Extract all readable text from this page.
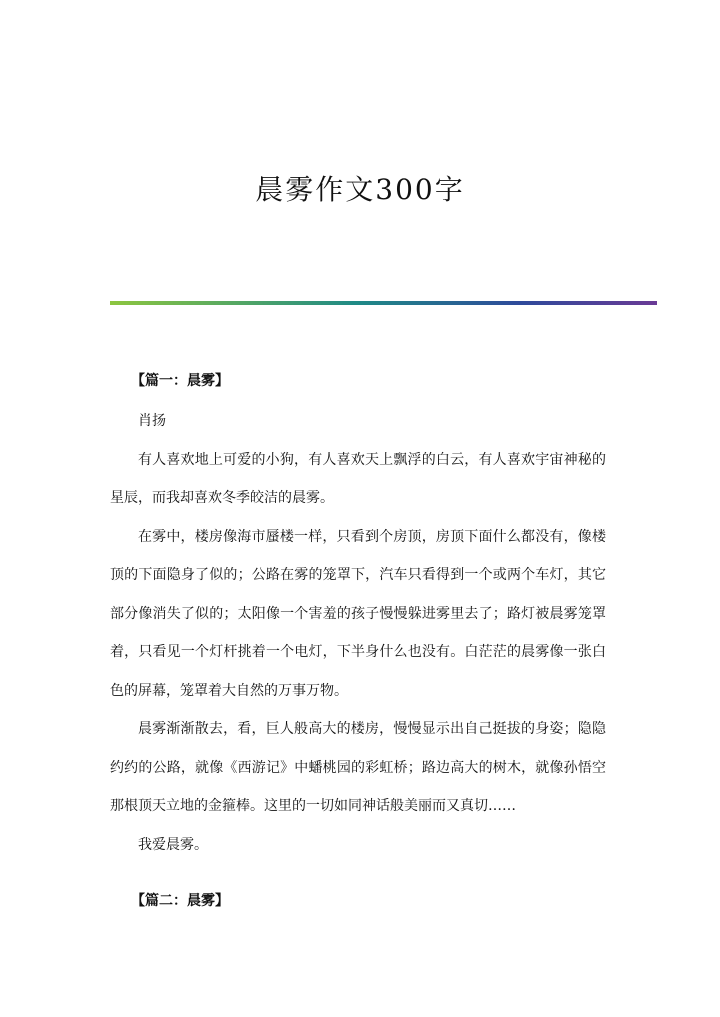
晨雾作文300字
【篇一：晨雾】

肖扬

有人喜欢地上可爱的小狗，有人喜欢天上飘浮的白云，有人喜欢宇宙神秘的星辰，而我却喜欢冬季皎洁的晨雾。

在雾中，楼房像海市蜃楼一样，只看到个房顶，房顶下面什么都没有，像楼顶的下面隐身了似的；公路在雾的笼罩下，汽车只看得到一个或两个车灯，其它部分像消失了似的；太阳像一个害羞的孩子慢慢躲进雾里去了；路灯被晨雾笼罩着，只看见一个灯杆挑着一个电灯，下半身什么也没有。白茫茫的晨雾像一张白色的屏幕，笼罩着大自然的万事万物。

晨雾渐渐散去，看，巨人般高大的楼房，慢慢显示出自己挺拔的身姿；隐隐约约的公路，就像《西游记》中蟠桃园的彩虹桥；路边高大的树木，就像孙悟空那根顶天立地的金箍棒。这里的一切如同神话般美丽而又真切……

我爱晨雾。

【篇二：晨雾】
